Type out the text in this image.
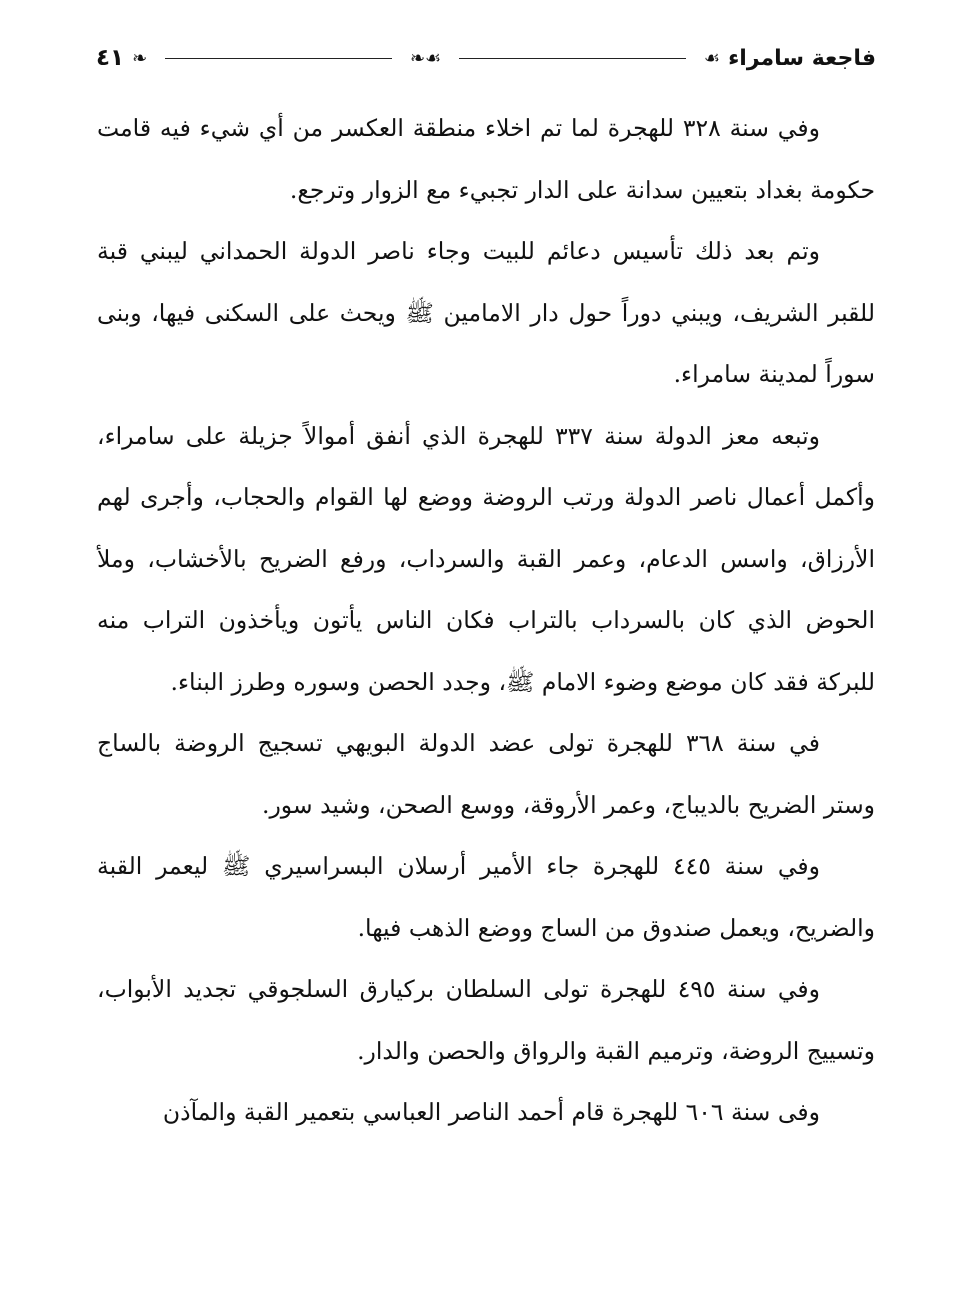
٤١ ❧	❧☙	☙ فاجعة سامراء

وفي سنة ٣٢٨ للهجرة لما تم اخلاء منطقة العكسر من أي شيء فيه قامت حكومة بغداد بتعيين سدانة على الدار تجبيء مع الزوار وترجع.

وتم بعد ذلك تأسيس دعائم للبيت وجاء ناصر الدولة الحمداني ليبني قبة للقبر الشريف، ويبني دوراً حول دار الامامين ﷺ ويحث على السكنى فيها، وبنى سوراً لمدينة سامراء.

وتبعه معز الدولة سنة ٣٣٧ للهجرة الذي أنفق أموالاً جزيلة على سامراء، وأكمل أعمال ناصر الدولة ورتب الروضة ووضع لها القوام والحجاب، وأجرى لهم الأرزاق، واسس الدعام، وعمر القبة والسرداب، ورفع الضريح بالأخشاب، وملأ الحوض الذي كان بالسرداب بالتراب فكان الناس يأتون ويأخذون التراب منه للبركة فقد كان موضع وضوء الامام ﷺ، وجدد الحصن وسوره وطرز البناء.

في سنة ٣٦٨ للهجرة تولى عضد الدولة البويهي تسجيج الروضة بالساج وستر الضريح بالديباج، وعمر الأروقة، ووسع الصحن، وشيد سور.

وفي سنة ٤٤٥ للهجرة جاء الأمير أرسلان البسراسيري ﷺ ليعمر القبة والضريح، ويعمل صندوق من الساج ووضع الذهب فيها.

وفي سنة ٤٩٥ للهجرة تولى السلطان بركيارق السلجوقي تجديد الأبواب، وتسييج الروضة، وترميم القبة والرواق والحصن والدار.

وفى سنة ٦٠٦ للهجرة قام أحمد الناصر العباسي بتعمير القبة والمآذن
